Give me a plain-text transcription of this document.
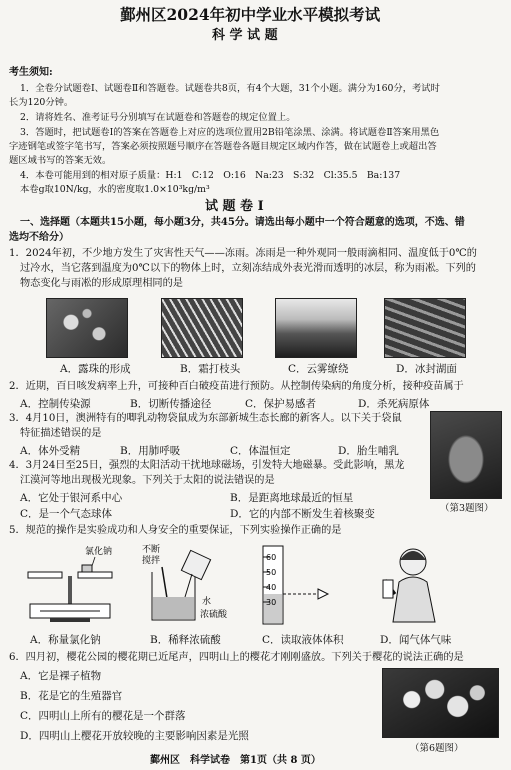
鄞州区2024年初中学业水平模拟考试
科 学 试 题
考生须知:
1．全卷分试题卷Ⅰ、试题卷Ⅱ和答题卷。试题卷共8页，有4个大题，31个小题。满分为160分，考试时
长为120分钟。
2．请将姓名、准考证号分别填写在试题卷和答题卷的规定位置上。
3．答题时，把试题卷Ⅰ的答案在答题卷上对应的选项位置用2B铅笔涂黑、涂满。将试题卷Ⅱ答案用黑色
字迹钢笔或签字笔书写，答案必须按照题号顺序在答题卷各题目规定区域内作答，做在试题卷上或超出答
题区域书写的答案无效。
4．本卷可能用到的相对原子质量：H:1　C:12　O:16　Na:23　S:32　Cl:35.5　Ba:137
本卷g取10N/kg，水的密度取1.0×10³kg/m³
试 题 卷 Ⅰ
一、选择题（本题共15小题，每小题3分，共45分。请选出每小题中一个符合题意的选项，不选、错
选均不给分）
1．2024年初，不少地方发生了灾害性天气——冻雨。冻雨是一种外观同一般雨滴相同、温度低于0℃的
过冷水，当它落到温度为0℃以下的物体上时，立刻冻结成外表光滑而透明的冰层，称为雨凇。下列的
物态变化与雨凇的形成原理相同的是
A．露珠的形成	B．霜打枝头	C．云雾缭绕	D．冰封湖面
2．近期，百日咳发病率上升，可接种百白破疫苗进行预防。从控制传染病的角度分析，接种疫苗属于
A．控制传染源	B．切断传播途径	C．保护易感者	D．杀死病原体
3．4月10日，澳洲特有的唧乳动物袋鼠成为东部新城生态长廊的新客人。以下关于袋鼠
特征描述错误的是
A．体外受精	B．用肺呼吸	C．体温恒定	D．胎生哺乳
（第3题图）
4．3月24日至25日，强烈的太阳活动干扰地球磁场，引发特大地磁暴。受此影响，黑龙
江漠河等地出现极光现象。下列关于太阳的说法错误的是
A．它处于银河系中心	B．是距离地球最近的恒星
C．是一个气态球体	D．它的内部不断发生着核聚变
5．规范的操作是实验成功和人身安全的重要保证，下列实验操作正确的是
氯化钠	不断
搅拌
水
浓硫酸
60
50
40
30
A．称量氯化钠	B．稀释浓硫酸	C．读取液体体积	D．闻气体气味
6．四月初，樱花公园的樱花期已近尾声，四明山上的樱花才刚刚盛放。下列关于樱花的说法正确的是
A．它是裸子植物
B．花是它的生殖器官
C．四明山上所有的樱花是一个群落
D．四明山上樱花开放较晚的主要影响因素是光照
（第6题图）
鄞州区　科学试卷　第1页（共 8 页）
